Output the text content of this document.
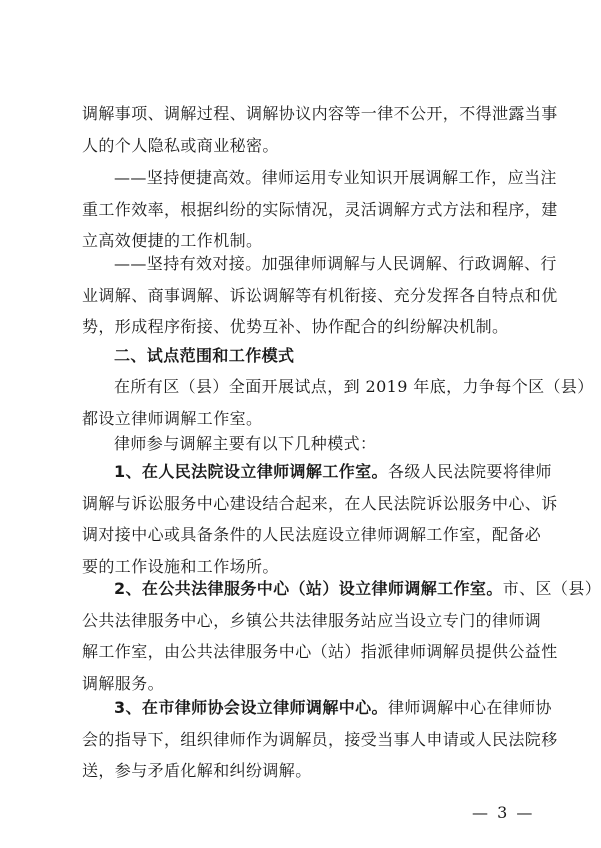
调解事项、调解过程、调解协议内容等一律不公开，不得泄露当事
人的个人隐私或商业秘密。
——坚持便捷高效。律师运用专业知识开展调解工作，应当注
重工作效率，根据纠纷的实际情况，灵活调解方式方法和程序，建
立高效便捷的工作机制。
——坚持有效对接。加强律师调解与人民调解、行政调解、行
业调解、商事调解、诉讼调解等有机衔接、充分发挥各自特点和优
势，形成程序衔接、优势互补、协作配合的纠纷解决机制。
二、试点范围和工作模式
在所有区（县）全面开展试点，到 2019 年底，力争每个区（县）
都设立律师调解工作室。
律师参与调解主要有以下几种模式：
1、在人民法院设立律师调解工作室。各级人民法院要将律师
调解与诉讼服务中心建设结合起来，在人民法院诉讼服务中心、诉
调对接中心或具备条件的人民法庭设立律师调解工作室，配备必
要的工作设施和工作场所。
2、在公共法律服务中心（站）设立律师调解工作室。市、区（县）
公共法律服务中心，乡镇公共法律服务站应当设立专门的律师调
解工作室，由公共法律服务中心（站）指派律师调解员提供公益性
调解服务。
3、在市律师协会设立律师调解中心。律师调解中心在律师协
会的指导下，组织律师作为调解员，接受当事人申请或人民法院移
送，参与矛盾化解和纠纷调解。
— 3 —
